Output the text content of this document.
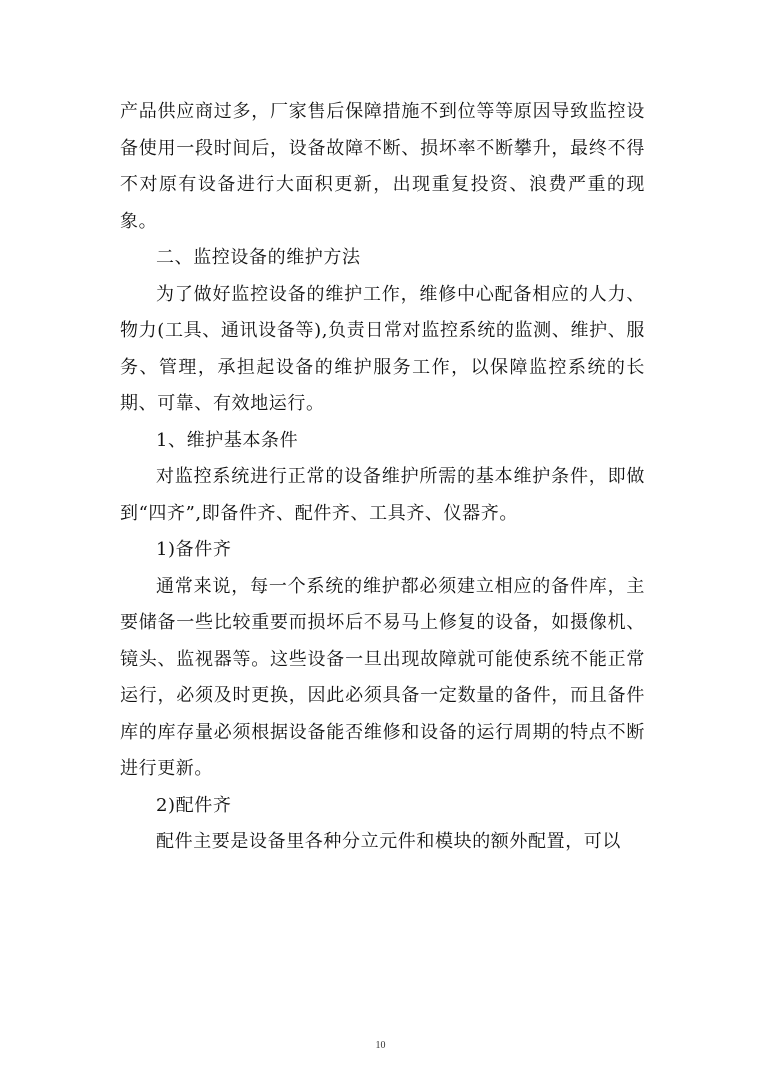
产品供应商过多，厂家售后保障措施不到位等等原因导致监控设备使用一段时间后，设备故障不断、损坏率不断攀升，最终不得不对原有设备进行大面积更新，出现重复投资、浪费严重的现象。

二、监控设备的维护方法

为了做好监控设备的维护工作，维修中心配备相应的人力、物力(工具、通讯设备等),负责日常对监控系统的监测、维护、服务、管理，承担起设备的维护服务工作，以保障监控系统的长期、可靠、有效地运行。

1、维护基本条件

对监控系统进行正常的设备维护所需的基本维护条件，即做到“四齐”,即备件齐、配件齐、工具齐、仪器齐。

1)备件齐

通常来说，每一个系统的维护都必须建立相应的备件库，主要储备一些比较重要而损坏后不易马上修复的设备，如摄像机、镜头、监视器等。这些设备一旦出现故障就可能使系统不能正常运行，必须及时更换，因此必须具备一定数量的备件，而且备件库的库存量必须根据设备能否维修和设备的运行周期的特点不断进行更新。

2)配件齐

配件主要是设备里各种分立元件和模块的额外配置，可以

10
